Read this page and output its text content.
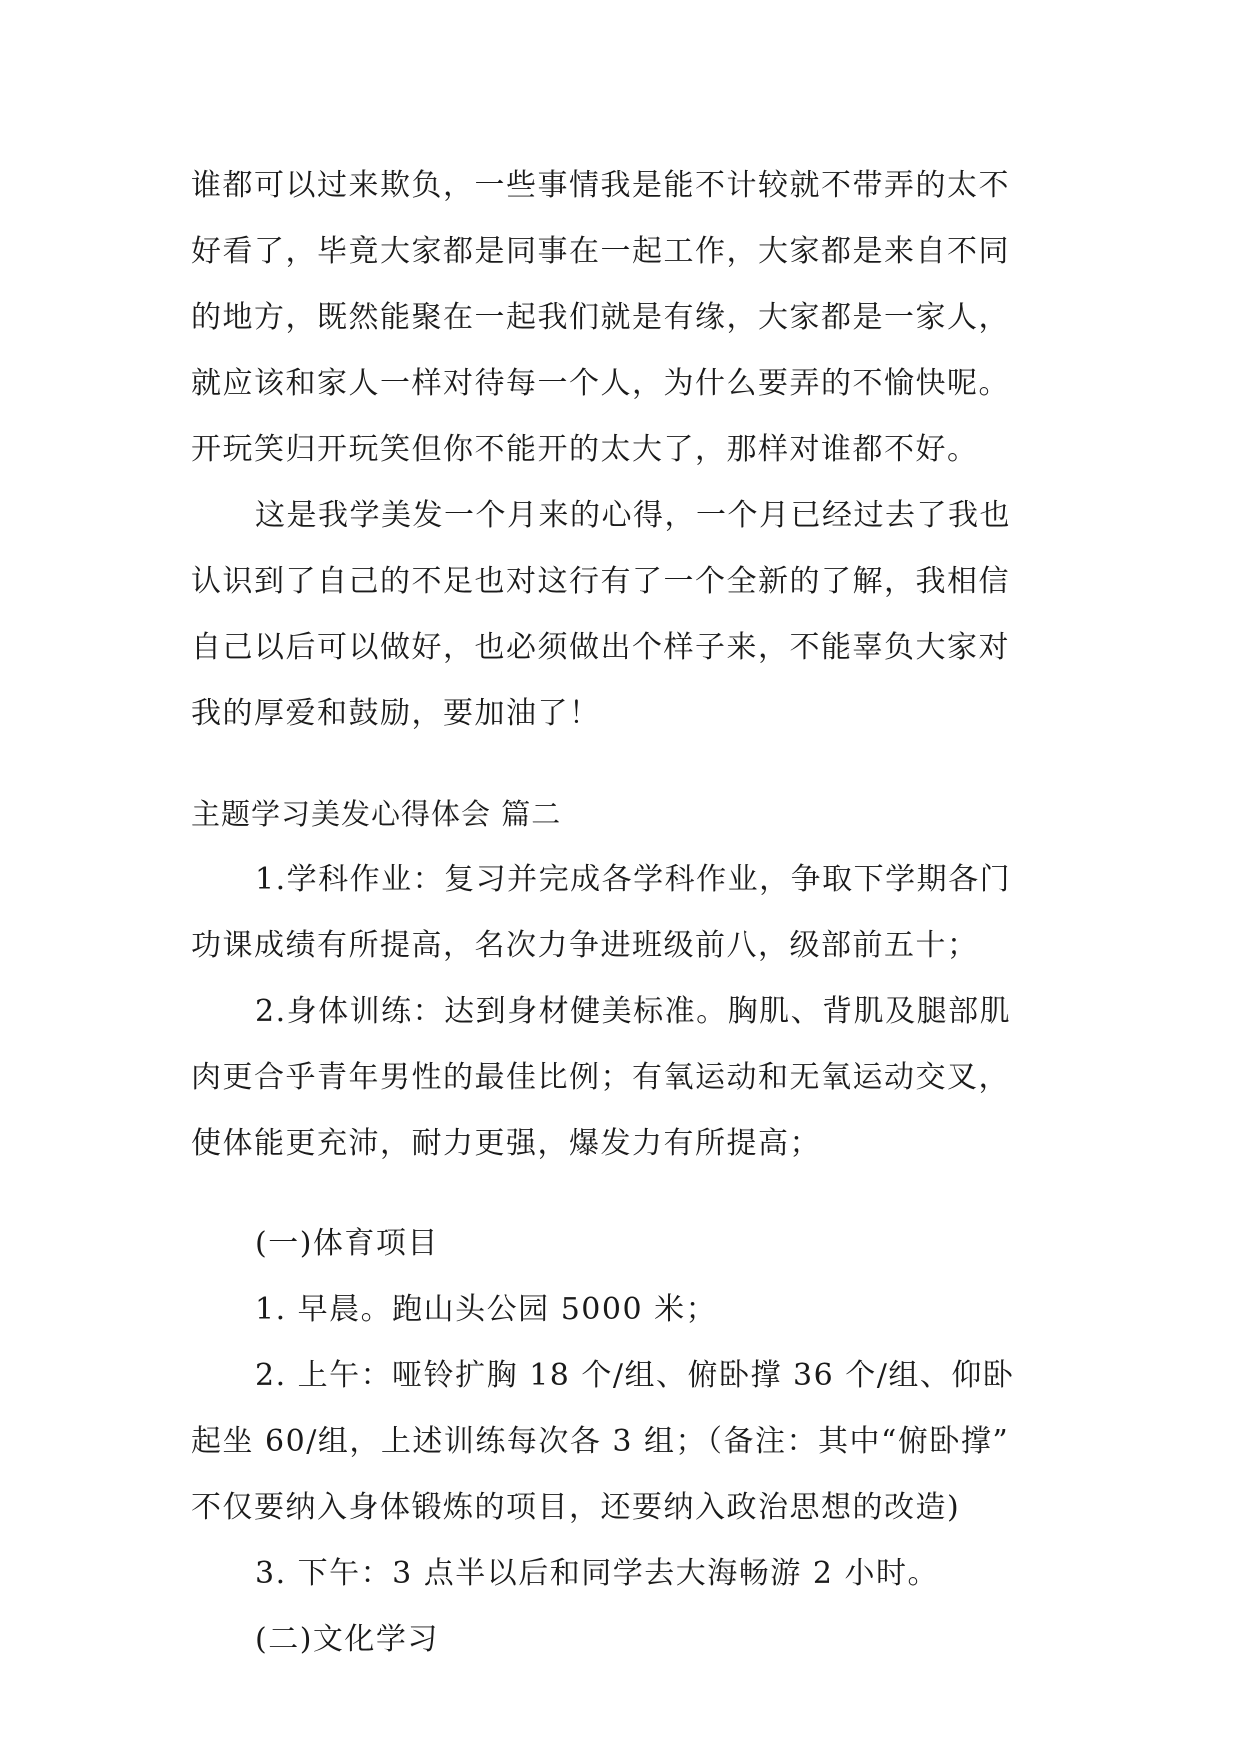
谁都可以过来欺负，一些事情我是能不计较就不带弄的太不
好看了，毕竟大家都是同事在一起工作，大家都是来自不同
的地方，既然能聚在一起我们就是有缘，大家都是一家人，
就应该和家人一样对待每一个人，为什么要弄的不愉快呢。
开玩笑归开玩笑但你不能开的太大了，那样对谁都不好。
这是我学美发一个月来的心得，一个月已经过去了我也
认识到了自己的不足也对这行有了一个全新的了解，我相信
自己以后可以做好，也必须做出个样子来，不能辜负大家对
我的厚爱和鼓励，要加油了！
主题学习美发心得体会 篇二
1.学科作业：复习并完成各学科作业，争取下学期各门
功课成绩有所提高，名次力争进班级前八，级部前五十；
2.身体训练：达到身材健美标准。胸肌、背肌及腿部肌
肉更合乎青年男性的最佳比例；有氧运动和无氧运动交叉，
使体能更充沛，耐力更强，爆发力有所提高；
(一)体育项目
1. 早晨。跑山头公园 5000 米；
2. 上午：哑铃扩胸 18 个/组、俯卧撑 36 个/组、仰卧
起坐 60/组，上述训练每次各 3 组；（备注：其中“俯卧撑”
不仅要纳入身体锻炼的项目，还要纳入政治思想的改造)
3. 下午：3 点半以后和同学去大海畅游 2 小时。
(二)文化学习
